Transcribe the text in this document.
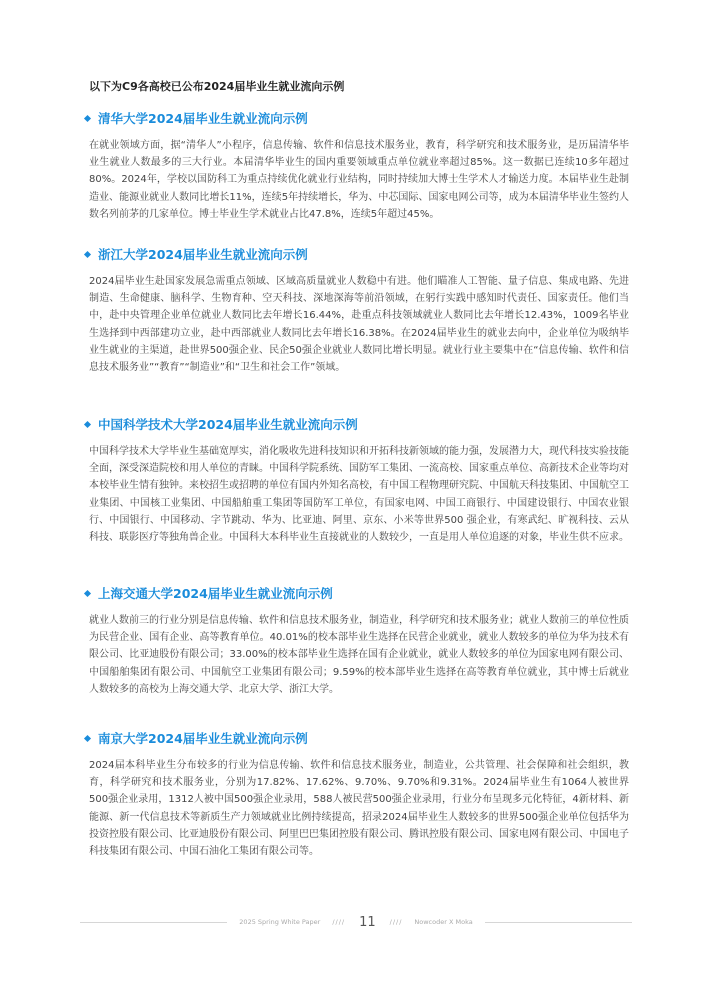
以下为C9各高校已公布2024届毕业生就业流向示例
清华大学2024届毕业生就业流向示例

在就业领域方面，据“清华人”小程序，信息传输、软件和信息技术服务业，教育，科学研究和技术服务业，是历届清华毕业生就业人数最多的三大行业。本届清华毕业生的国内重要领域重点单位就业率超过85%。这一数据已连续10多年超过80%。2024年，学校以国防科工为重点持续优化就业行业结构，同时持续加大博士生学术人才输送力度。本届毕业生赴制造业、能源业就业人数同比增长11%，连续5年持续增长，华为、中芯国际、国家电网公司等，成为本届清华毕业生签约人数名列前茅的几家单位。博士毕业生学术就业占比47.8%，连续5年超过45%。

浙江大学2024届毕业生就业流向示例

2024届毕业生赴国家发展急需重点领域、区域高质量就业人数稳中有进。他们瞄准人工智能、量子信息、集成电路、先进制造、生命健康、脑科学、生物育种、空天科技、深地深海等前沿领域，在躬行实践中感知时代责任、国家责任。他们当中，赴中央管理企业单位就业人数同比去年增长16.44%，赴重点科技领域就业人数同比去年增长12.43%，1009名毕业生选择到中西部建功立业，赴中西部就业人数同比去年增长16.38%。在2024届毕业生的就业去向中，企业单位为吸纳毕业生就业的主渠道，赴世界500强企业、民企50强企业就业人数同比增长明显。就业行业主要集中在“信息传输、软件和信息技术服务业”“教育”“制造业”和“卫生和社会工作”领域。

中国科学技术大学2024届毕业生就业流向示例

中国科学技术大学毕业生基础宽厚实，消化吸收先进科技知识和开拓科技新领域的能力强，发展潜力大，现代科技实验技能全面，深受深造院校和用人单位的青睐。中国科学院系统、国防军工集团、一流高校、国家重点单位、高新技术企业等均对本校毕业生情有独钟。来校招生或招聘的单位有国内外知名高校，有中国工程物理研究院、中国航天科技集团、中国航空工业集团、中国核工业集团、中国船舶重工集团等国防军工单位，有国家电网、中国工商银行、中国建设银行、中国农业银行、中国银行、中国移动、字节跳动、华为、比亚迪、阿里、京东、小米等世界500 强企业，有寒武纪、旷视科技、云从科技、联影医疗等独角兽企业。中国科大本科毕业生直接就业的人数较少，一直是用人单位追逐的对象，毕业生供不应求。

上海交通大学2024届毕业生就业流向示例

就业人数前三的行业分别是信息传输、软件和信息技术服务业，制造业，科学研究和技术服务业；就业人数前三的单位性质为民营企业、国有企业、高等教育单位。40.01%的校本部毕业生选择在民营企业就业，就业人数较多的单位为华为技术有限公司、比亚迪股份有限公司；33.00%的校本部毕业生选择在国有企业就业，就业人数较多的单位为国家电网有限公司、中国船舶集团有限公司、中国航空工业集团有限公司；9.59%的校本部毕业生选择在高等教育单位就业，其中博士后就业人数较多的高校为上海交通大学、北京大学、浙江大学。

南京大学2024届毕业生就业流向示例

2024届本科毕业生分布较多的行业为信息传输、软件和信息技术服务业，制造业，公共管理、社会保障和社会组织，教育，科学研究和技术服务业，分别为17.82%、17.62%、9.70%、9.70%和9.31%。2024届毕业生有1064人被世界500强企业录用，1312人被中国500强企业录用，588人被民营500强企业录用，行业分布呈现多元化特征，4新材料、新能源、新一代信息技术等新质生产力领域就业比例持续提高，招录2024届毕业生人数较多的世界500强企业单位包括华为投资控股有限公司、比亚迪股份有限公司、阿里巴巴集团控股有限公司、腾讯控股有限公司、国家电网有限公司、中国电子科技集团有限公司、中国石油化工集团有限公司等。

2025 Spring White Paper //// 11 //// Nowcoder X Moka
